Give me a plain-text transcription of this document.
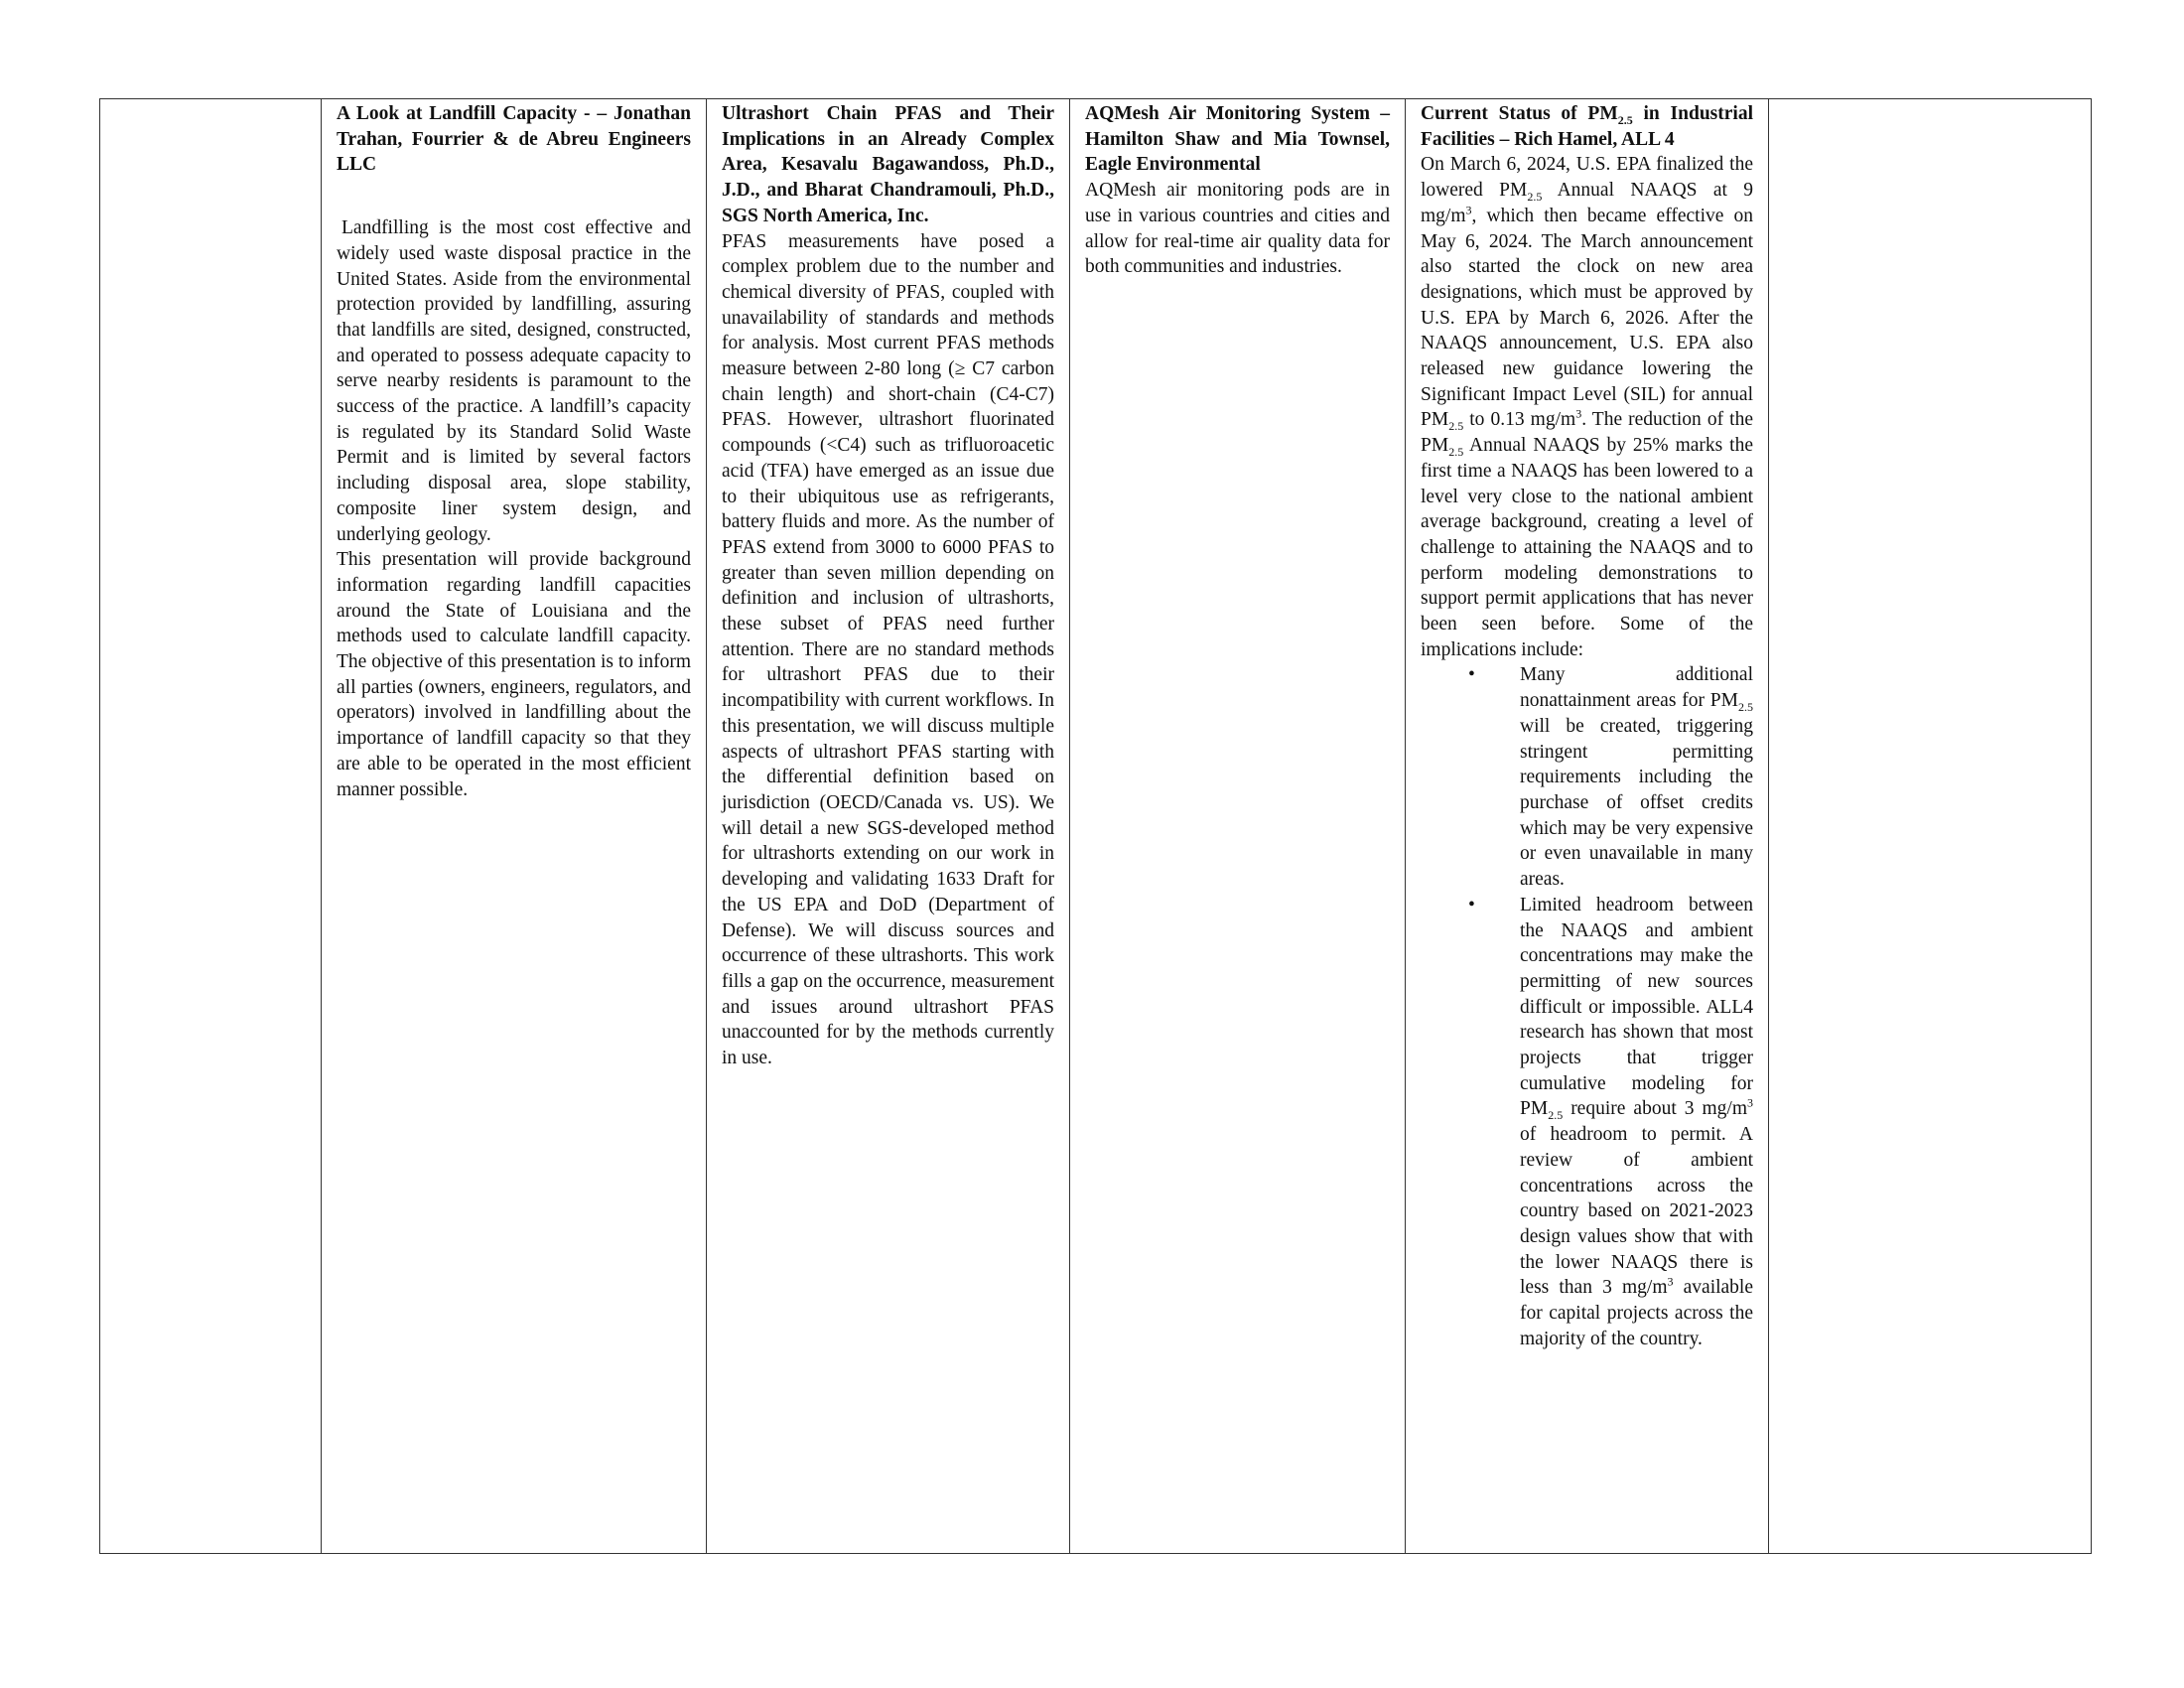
A Look at Landfill Capacity - – Jonathan Trahan, Fourrier & de Abreu Engineers LLC

Landfilling is the most cost effective and widely used waste disposal practice in the United States. Aside from the environmental protection provided by landfilling, assuring that landfills are sited, designed, constructed, and operated to possess adequate capacity to serve nearby residents is paramount to the success of the practice. A landfill’s capacity is regulated by its Standard Solid Waste Permit and is limited by several factors including disposal area, slope stability, composite liner system design, and underlying geology.

This presentation will provide background information regarding landfill capacities around the State of Louisiana and the methods used to calculate landfill capacity. The objective of this presentation is to inform all parties (owners, engineers, regulators, and operators) involved in landfilling about the importance of landfill capacity so that they are able to be operated in the most efficient manner possible.

Ultrashort Chain PFAS and Their Implications in an Already Complex Area, Kesavalu Bagawandoss, Ph.D., J.D., and Bharat Chandramouli, Ph.D., SGS North America, Inc.

PFAS measurements have posed a complex problem due to the number and chemical diversity of PFAS, coupled with unavailability of standards and methods for analysis. Most current PFAS methods measure between 2-80 long (≥ C7 carbon chain length) and short-chain (C4-C7) PFAS. However, ultrashort fluorinated compounds (<C4) such as trifluoroacetic acid (TFA) have emerged as an issue due to their ubiquitous use as refrigerants, battery fluids and more. As the number of PFAS extend from 3000 to 6000 PFAS to greater than seven million depending on definition and inclusion of ultrashorts, these subset of PFAS need further attention. There are no standard methods for ultrashort PFAS due to their incompatibility with current workflows. In this presentation, we will discuss multiple aspects of ultrashort PFAS starting with the differential definition based on jurisdiction (OECD/Canada vs. US). We will detail a new SGS-developed method for ultrashorts extending on our work in developing and validating 1633 Draft for the US EPA and DoD (Department of Defense). We will discuss sources and occurrence of these ultrashorts. This work fills a gap on the occurrence, measurement and issues around ultrashort PFAS unaccounted for by the methods currently in use.

AQMesh Air Monitoring System – Hamilton Shaw and Mia Townsel, Eagle Environmental

AQMesh air monitoring pods are in use in various countries and cities and allow for real-time air quality data for both communities and industries.

Current Status of $PM_{2.5}$ in Industrial Facilities – Rich Hamel, ALL 4

On March 6, 2024, U.S. EPA finalized the lowered $PM_{2.5}$ Annual NAAQS at 9 $mg/m^3$, which then became effective on May 6, 2024. The March announcement also started the clock on new area designations, which must be approved by U.S. EPA by March 6, 2026. After the NAAQS announcement, U.S. EPA also released new guidance lowering the Significant Impact Level (SIL) for annual $PM_{2.5}$ to 0.13 $mg/m^3$. The reduction of the $PM_{2.5}$ Annual NAAQS by 25% marks the first time a NAAQS has been lowered to a level very close to the national ambient average background, creating a level of challenge to attaining the NAAQS and to perform modeling demonstrations to support permit applications that has never been seen before. Some of the implications include:

• Many additional nonattainment areas for $PM_{2.5}$ will be created, triggering stringent permitting requirements including the purchase of offset credits which may be very expensive or even unavailable in many areas.
• Limited headroom between the NAAQS and ambient concentrations may make the permitting of new sources difficult or impossible. ALL4 research has shown that most projects that trigger cumulative modeling for $PM_{2.5}$ require about 3 $mg/m^3$ of headroom to permit. A review of ambient concentrations across the country based on 2021-2023 design values show that with the lower NAAQS there is less than 3 $mg/m^3$ available for capital projects across the majority of the country.
